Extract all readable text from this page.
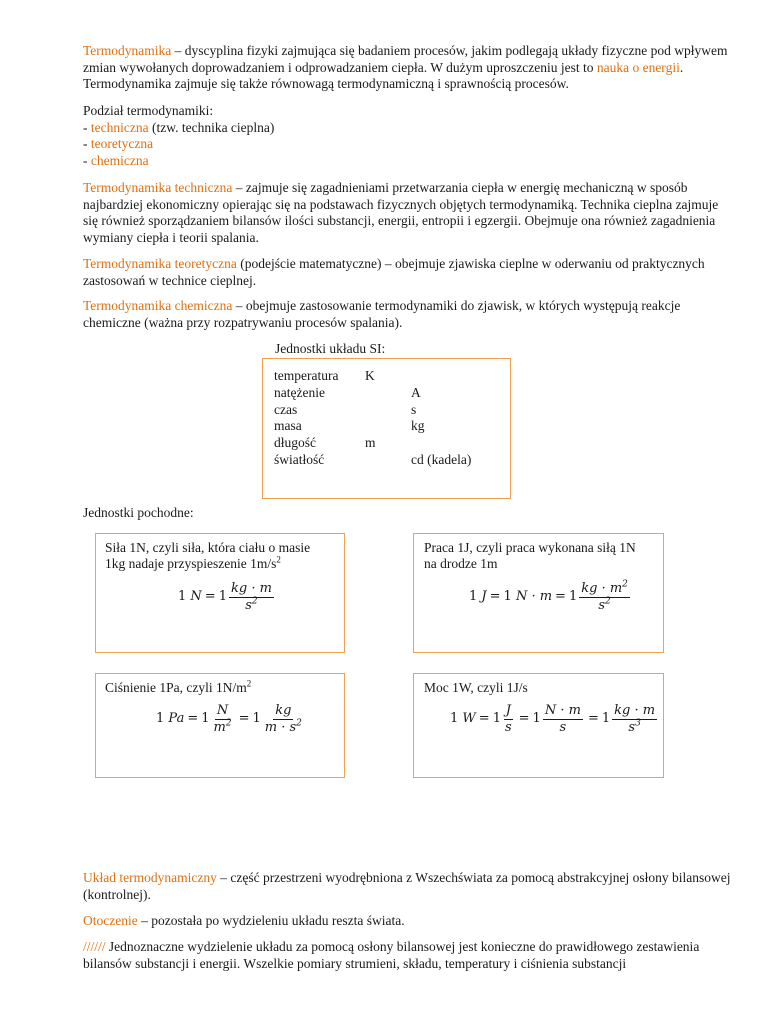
Termodynamika – dyscyplina fizyki zajmująca się badaniem procesów, jakim podlegają układy fizyczne pod wpływem zmian wywołanych doprowadzaniem i odprowadzaniem ciepła. W dużym uproszczeniu jest to nauka o energii. Termodynamika zajmuje się także równowagą termodynamiczną i sprawnością procesów.

Podział termodynamiki:
- techniczna (tzw. technika cieplna)
- teoretyczna
- chemiczna

Termodynamika techniczna – zajmuje się zagadnieniami przetwarzania ciepła w energię mechaniczną w sposób najbardziej ekonomiczny opierając się na podstawach fizycznych objętych termodynamiką. Technika cieplna zajmuje się również sporządzaniem bilansów ilości substancji, energii, entropii i egzergii. Obejmuje ona również zagadnienia wymiany ciepła i teorii spalania.

Termodynamika teoretyczna (podejście matematyczne) – obejmuje zjawiska cieplne w oderwaniu od praktycznych zastosowań w technice cieplnej.

Termodynamika chemiczna – obejmuje zastosowanie termodynamiki do zjawisk, w których występują reakcje chemiczne (ważna przy rozpatrywaniu procesów spalania).

Jednostki układu SI:
temperatura K
natężenie	A
czas	s
masa	kg
długość	m
światłość	cd (kadela)
Jednostki pochodne:
Siła 1N, czyli siła, która ciału o masie
1kg nadaje przyspieszenie $1m/s^2$
1 $N = 1 \frac{kg \cdot m}{s^2}$
Praca 1J, czyli praca wykonana siłą 1N
na drodze 1m
1 J = 1 $N \cdot m = 1 \frac{kg \cdot m^2}{s^2}$
Ciśnienie 1Pa, czyli $1N/m^2$
1 $Pa = 1 \frac{N}{m^2} = 1 \frac{kg}{m \cdot s^2}$
Moc 1W, czyli 1J/s
1 $W = 1 \frac{J}{s} = 1 \frac{N \cdot m}{s} = 1 \frac{kg \cdot m}{s^3}$

Układ termodynamiczny – część przestrzeni wyodrębniona z Wszechświata za pomocą abstrakcyjnej osłony bilansowej (kontrolnej).

Otoczenie – pozostała po wydzieleniu układu reszta świata.

////// Jednoznaczne wydzielenie układu za pomocą osłony bilansowej jest konieczne do prawidłowego zestawienia bilansów substancji i energii. Wszelkie pomiary strumieni, składu, temperatury i ciśnienia substancji
